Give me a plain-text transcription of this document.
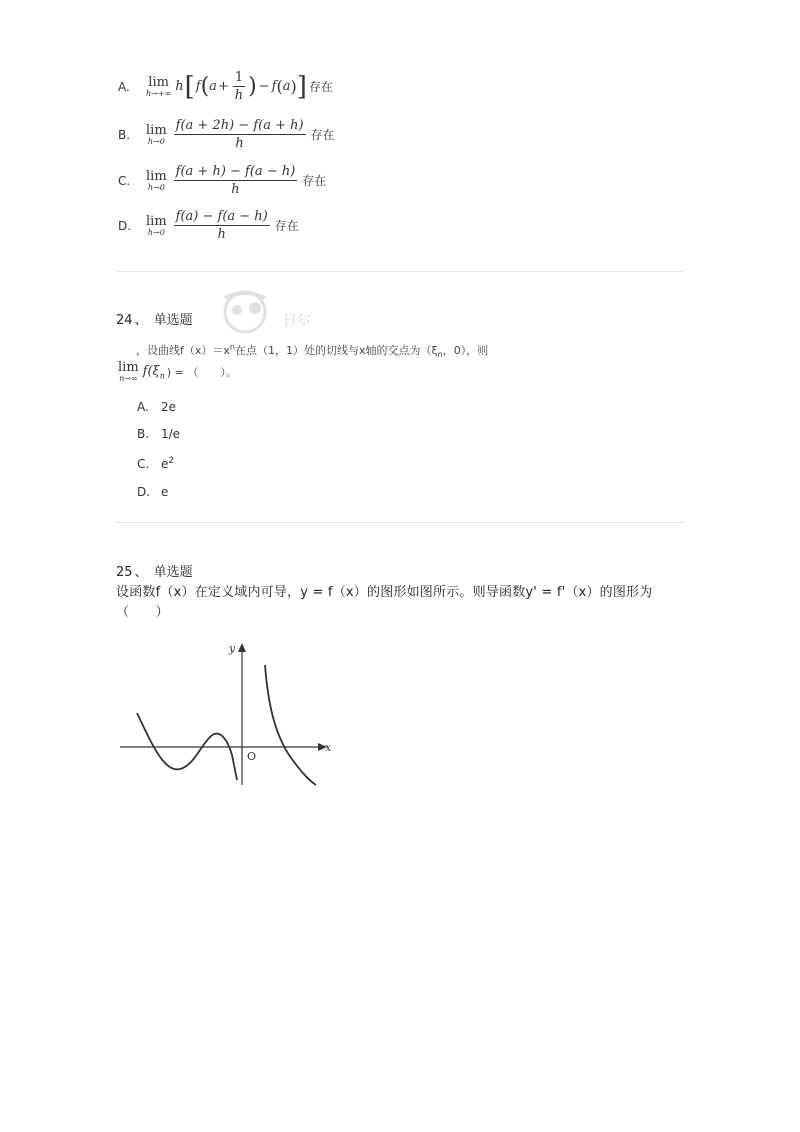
A.	lim
h→+∞ h [ f ( $a + \frac{1}{h}$ ) − f ( a ) ] 存在
B.	lim
$h\to 0 \frac{f(a + 2h) - f(a + h)}{h}$ 存在
C.	lim
$h\to 0 \frac{f(a + h) - f(a - h)}{h}$ 存在
D.	lim
$h\to 0 \frac{f(a) - f(a - h)}{h}$ 存在
24 、 单选题	日尔
，设曲线$f(x)=x^n$在点（1，1）处的切线与x轴的交点为（$\xi_n$，0），则
lim
n→∞ $f(\xi_n$ ) = （　　）。
A.	2e
B. 1/e
C. $e^2$
D. e
25 、 单选题
设函数f（x）在定义域内可导，y = f（x）的图形如图所示。则导函数y' = f'（x）的图形为
（　　）
y
x
O
